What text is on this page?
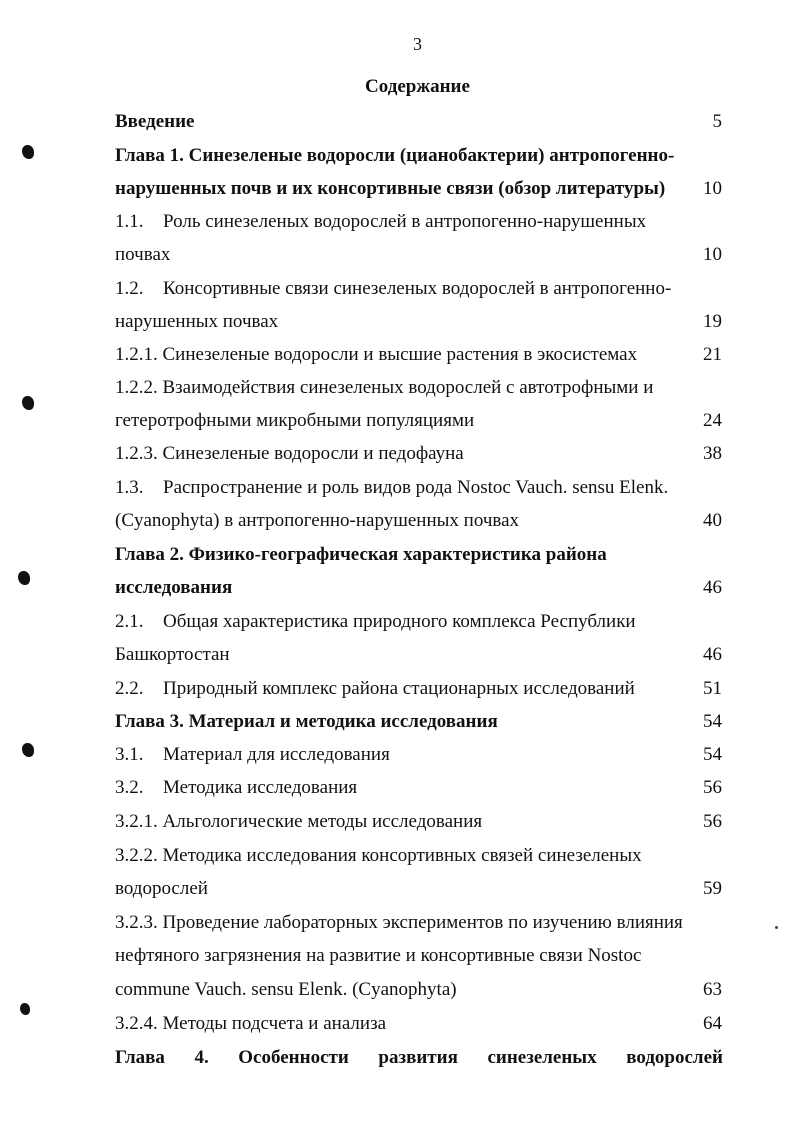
3
Содержание
Введение	5
Глава 1. Синезеленые водоросли (цианобактерии) антропогенно-
нарушенных почв и их консортивные связи (обзор литературы)	10
1.1. Роль синезеленых водорослей в антропогенно-нарушенных
почвах	10
1.2. Консортивные связи синезеленых водорослей в антропогенно-
нарушенных почвах	19
1.2.1. Синезеленые водоросли и высшие растения в экосистемах	21
1.2.2. Взаимодействия синезеленых водорослей с автотрофными и
гетеротрофными микробными популяциями	24
1.2.3. Синезеленые водоросли и педофауна	38
1.3. Распространение и роль видов рода Nostoc Vauch. sensu Elenk.
(Cyanophyta) в антропогенно-нарушенных почвах	40
Глава 2. Физико-географическая характеристика района
исследования	46
2.1. Общая характеристика природного комплекса Республики
Башкортостан	46
2.2. Природный комплекс района стационарных исследований	51
Глава 3. Материал и методика исследования	54
3.1. Материал для исследования	54
3.2. Методика исследования	56
3.2.1. Альгологические методы исследования	56
3.2.2. Методика исследования консортивных связей синезеленых
водорослей	59
3.2.3. Проведение лабораторных экспериментов по изучению влияния
нефтяного загрязнения на развитие и консортивные связи Nostoc
commune Vauch. sensu Elenk. (Cyanophyta)	63
3.2.4. Методы подсчета и анализа	64
Глава 4. Особенности развития синезеленых водорослей
